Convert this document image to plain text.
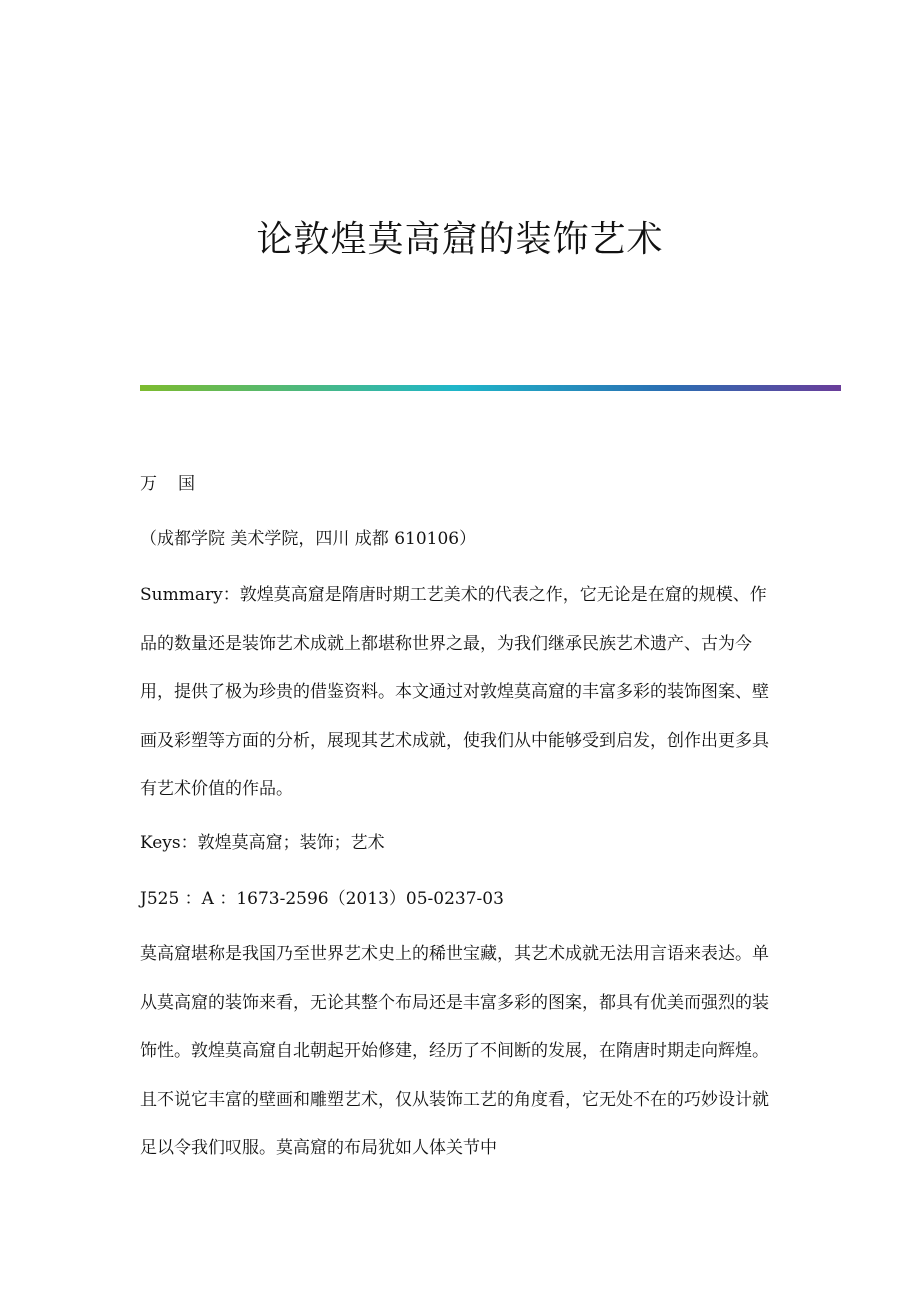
论敦煌莫高窟的装饰艺术

万　国

（成都学院 美术学院，四川 成都 610106）

Summary：敦煌莫高窟是隋唐时期工艺美术的代表之作，它无论是在窟的规模、作品的数量还是装饰艺术成就上都堪称世界之最，为我们继承民族艺术遗产、古为今用，提供了极为珍贵的借鉴资料。本文通过对敦煌莫高窟的丰富多彩的装饰图案、壁画及彩塑等方面的分析，展现其艺术成就，使我们从中能够受到启发，创作出更多具有艺术价值的作品。

Keys：敦煌莫高窟；装饰；艺术

J525 ：A ：1673-2596（2013）05-0237-03

莫高窟堪称是我国乃至世界艺术史上的稀世宝藏，其艺术成就无法用言语来表达。单从莫高窟的装饰来看，无论其整个布局还是丰富多彩的图案，都具有优美而强烈的装饰性。敦煌莫高窟自北朝起开始修建，经历了不间断的发展，在隋唐时期走向辉煌。且不说它丰富的壁画和雕塑艺术，仅从装饰工艺的角度看，它无处不在的巧妙设计就足以令我们叹服。莫高窟的布局犹如人体关节中
